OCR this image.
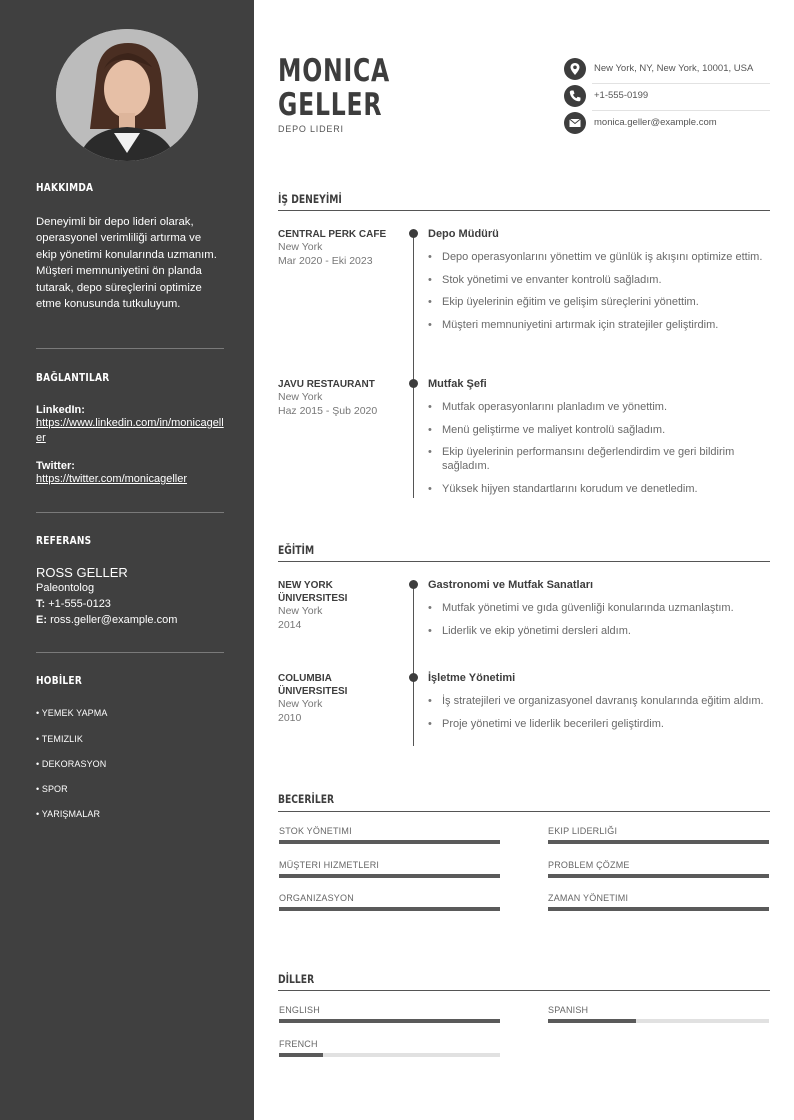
HAKKIMDA
Deneyimli bir depo lideri olarak, operasyonel verimliliği artırma ve ekip yönetimi konularında uzmanım. Müşteri memnuniyetini ön planda tutarak, depo süreçlerini optimize etme konusunda tutkuluyum.
BAĞLANTILAR
LinkedIn:
https://www.linkedin.com/in/monicageller
Twitter:
https://twitter.com/monicageller
REFERANS
ROSS GELLER
Paleontolog
T: +1-555-0123
E: ross.geller@example.com
HOBİLER
• YEMEK YAPMA
• TEMIZLIK
• DEKORASYON
• SPOR
• YARIŞMALAR
MONICA
GELLER
DEPO LIDERI
New York, NY, New York, 10001, USA
+1-555-0199
monica.geller@example.com
İŞ DENEYİMİ
CENTRAL PERK CAFE
New York
Mar 2020 - Eki 2023
Depo Müdürü
• Depo operasyonlarını yönettim ve günlük iş akışını optimize ettim.
• Stok yönetimi ve envanter kontrolü sağladım.
• Ekip üyelerinin eğitim ve gelişim süreçlerini yönettim.
• Müşteri memnuniyetini artırmak için stratejiler geliştirdim.
JAVU RESTAURANT
New York
Haz 2015 - Şub 2020
Mutfak Şefi
• Mutfak operasyonlarını planladım ve yönettim.
• Menü geliştirme ve maliyet kontrolü sağladım.
• Ekip üyelerinin performansını değerlendirdim ve geri bildirim sağladım.
• Yüksek hijyen standartlarını korudum ve denetledim.
EĞİTİM
NEW YORK ÜNIVERSITESI
New York
2014
Gastronomi ve Mutfak Sanatları
• Mutfak yönetimi ve gıda güvenliği konularında uzmanlaştım.
• Liderlik ve ekip yönetimi dersleri aldım.
COLUMBIA ÜNIVERSITESI
New York
2010
İşletme Yönetimi
• İş stratejileri ve organizasyonel davranış konularında eğitim aldım.
• Proje yönetimi ve liderlik becerileri geliştirdim.
BECERİLER
STOK YÖNETIMI	EKIP LIDERLIĞI
MÜŞTERI HIZMETLERI	PROBLEM ÇÖZME
ORGANIZASYON	ZAMAN YÖNETIMI
DİLLER
ENGLISH	SPANISH
FRENCH
